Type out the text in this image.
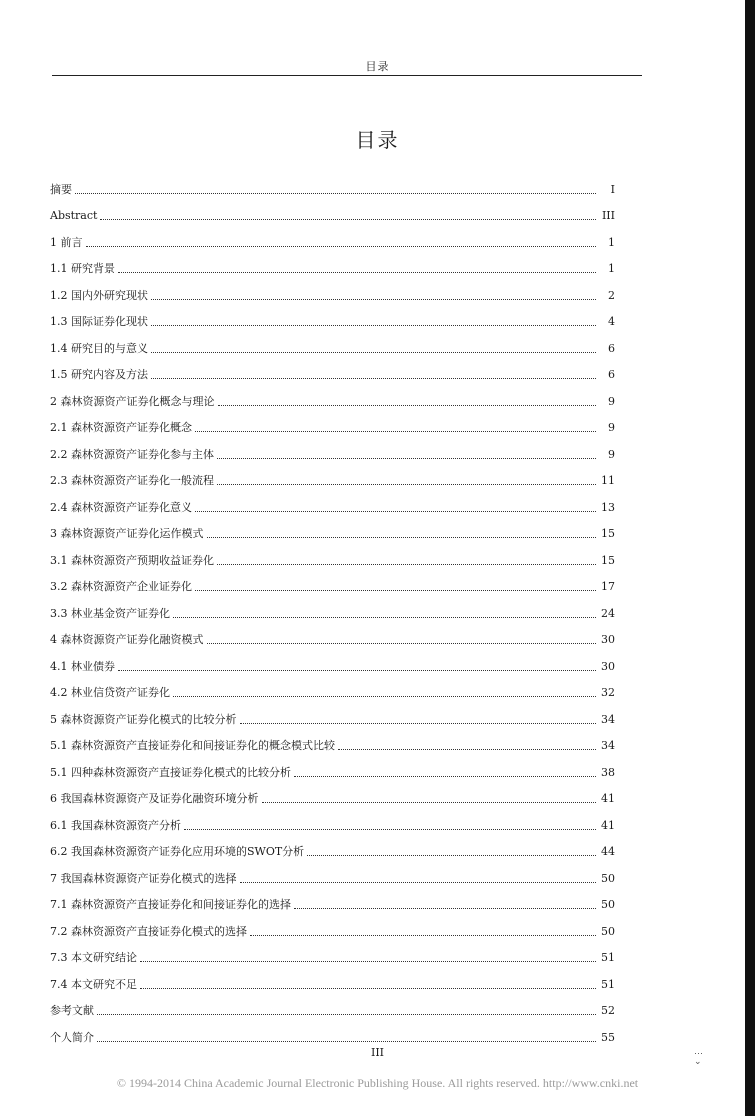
目录
目录
摘要	I
Abstract	III
1 前言	1
1.1 研究背景	1
1.2 国内外研究现状	2
1.3 国际证券化现状	4
1.4 研究目的与意义	6
1.5 研究内容及方法	6
2 森林资源资产证券化概念与理论	9
2.1 森林资源资产证券化概念	9
2.2 森林资源资产证券化参与主体	9
2.3 森林资源资产证券化一般流程	11
2.4 森林资源资产证券化意义	13
3 森林资源资产证券化运作模式	15
3.1 森林资源资产预期收益证券化	15
3.2 森林资源资产企业证券化	17
3.3 林业基金资产证券化	24
4 森林资源资产证券化融资模式	30
4.1 林业债券	30
4.2 林业信贷资产证券化	32
5 森林资源资产证券化模式的比较分析	34
5.1 森林资源资产直接证券化和间接证券化的概念模式比较	34
5.1 四种森林资源资产直接证券化模式的比较分析	38
6 我国森林资源资产及证券化融资环境分析	41
6.1 我国森林资源资产分析	41
6.2 我国森林资源资产证券化应用环境的SWOT分析	44
7 我国森林资源资产证券化模式的选择	50
7.1 森林资源资产直接证券化和间接证券化的选择	50
7.2 森林资源资产直接证券化模式的选择	50
7.3 本文研究结论	51
7.4 本文研究不足	51
参考文献	52
个人简介	55
III	⋯
⌄
© 1994-2014 China Academic Journal Electronic Publishing House. All rights reserved. http://www.cnki.net
